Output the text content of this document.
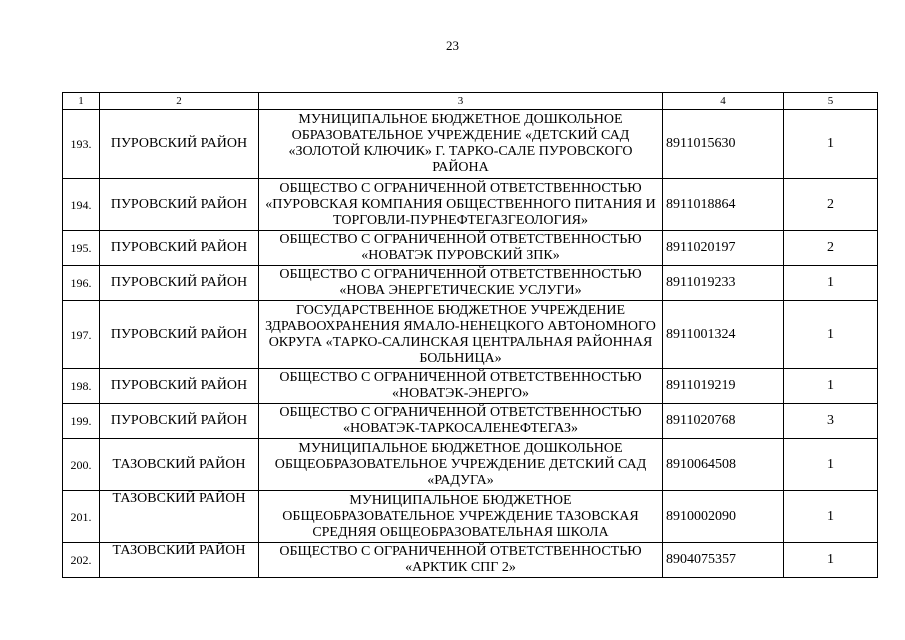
23
1	2	3	4	5
193.	ПУРОВСКИЙ РАЙОН	МУНИЦИПАЛЬНОЕ БЮДЖЕТНОЕ ДОШКОЛЬНОЕ ОБРАЗОВАТЕЛЬНОЕ УЧРЕЖДЕНИЕ «ДЕТСКИЙ САД «ЗОЛОТОЙ КЛЮЧИК» Г. ТАРКО-САЛЕ ПУРОВСКОГО РАЙОНА	8911015630	1
194.	ПУРОВСКИЙ РАЙОН	ОБЩЕСТВО С ОГРАНИЧЕННОЙ ОТВЕТСТВЕННОСТЬЮ «ПУРОВСКАЯ КОМПАНИЯ ОБЩЕСТВЕННОГО ПИТАНИЯ И ТОРГОВЛИ-ПУРНЕФТЕГАЗГЕОЛОГИЯ»	8911018864	2
195.	ПУРОВСКИЙ РАЙОН	ОБЩЕСТВО С ОГРАНИЧЕННОЙ ОТВЕТСТВЕННОСТЬЮ «НОВАТЭК ПУРОВСКИЙ ЗПК»	8911020197	2
196.	ПУРОВСКИЙ РАЙОН	ОБЩЕСТВО С ОГРАНИЧЕННОЙ ОТВЕТСТВЕННОСТЬЮ «НОВА ЭНЕРГЕТИЧЕСКИЕ УСЛУГИ»	8911019233	1
197.	ПУРОВСКИЙ РАЙОН	ГОСУДАРСТВЕННОЕ БЮДЖЕТНОЕ УЧРЕЖДЕНИЕ ЗДРАВООХРАНЕНИЯ ЯМАЛО-НЕНЕЦКОГО АВТОНОМНОГО ОКРУГА «ТАРКО-САЛИНСКАЯ ЦЕНТРАЛЬНАЯ РАЙОННАЯ БОЛЬНИЦА»	8911001324	1
198.	ПУРОВСКИЙ РАЙОН	ОБЩЕСТВО С ОГРАНИЧЕННОЙ ОТВЕТСТВЕННОСТЬЮ «НОВАТЭК-ЭНЕРГО»	8911019219	1
199.	ПУРОВСКИЙ РАЙОН	ОБЩЕСТВО С ОГРАНИЧЕННОЙ ОТВЕТСТВЕННОСТЬЮ «НОВАТЭК-ТАРКОСАЛЕНЕФТЕГАЗ»	8911020768	3
200.	ТАЗОВСКИЙ РАЙОН	МУНИЦИПАЛЬНОЕ БЮДЖЕТНОЕ ДОШКОЛЬНОЕ ОБЩЕОБРАЗОВАТЕЛЬНОЕ УЧРЕЖДЕНИЕ ДЕТСКИЙ САД «РАДУГА»	8910064508	1
201.	ТАЗОВСКИЙ РАЙОН	МУНИЦИПАЛЬНОЕ БЮДЖЕТНОЕ ОБЩЕОБРАЗОВАТЕЛЬНОЕ УЧРЕЖДЕНИЕ ТАЗОВСКАЯ СРЕДНЯЯ ОБЩЕОБРАЗОВАТЕЛЬНАЯ ШКОЛА	8910002090	1
202.	ТАЗОВСКИЙ РАЙОН	ОБЩЕСТВО С ОГРАНИЧЕННОЙ ОТВЕТСТВЕННОСТЬЮ «АРКТИК СПГ 2»	8904075357	1
